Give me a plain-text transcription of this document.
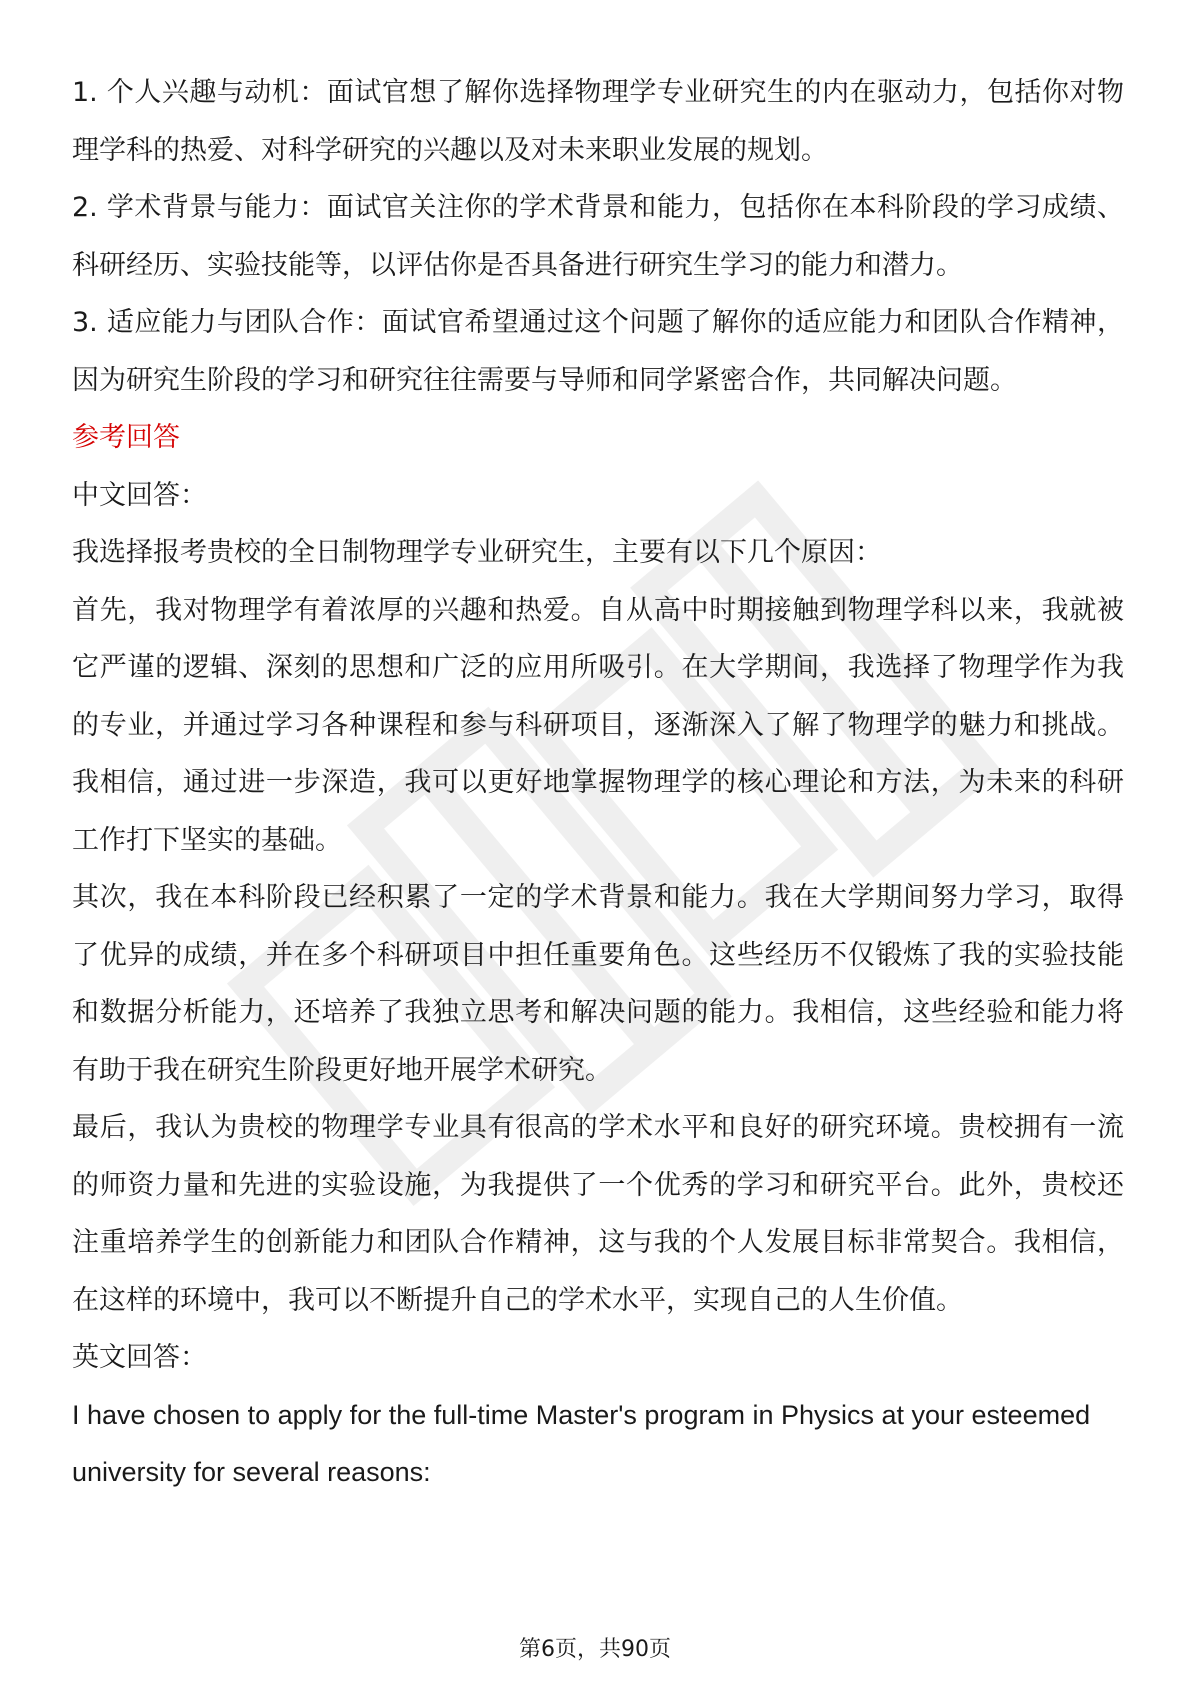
1. 个人兴趣与动机：面试官想了解你选择物理学专业研究生的内在驱动力，包括你对物理学科的热爱、对科学研究的兴趣以及对未来职业发展的规划。

2. 学术背景与能力：面试官关注你的学术背景和能力，包括你在本科阶段的学习成绩、科研经历、实验技能等，以评估你是否具备进行研究生学习的能力和潜力。

3. 适应能力与团队合作：面试官希望通过这个问题了解你的适应能力和团队合作精神，因为研究生阶段的学习和研究往往需要与导师和同学紧密合作，共同解决问题。

参考回答

中文回答：

我选择报考贵校的全日制物理学专业研究生，主要有以下几个原因：

首先，我对物理学有着浓厚的兴趣和热爱。自从高中时期接触到物理学科以来，我就被它严谨的逻辑、深刻的思想和广泛的应用所吸引。在大学期间，我选择了物理学作为我的专业，并通过学习各种课程和参与科研项目，逐渐深入了解了物理学的魅力和挑战。我相信，通过进一步深造，我可以更好地掌握物理学的核心理论和方法，为未来的科研工作打下坚实的基础。

其次，我在本科阶段已经积累了一定的学术背景和能力。我在大学期间努力学习，取得了优异的成绩，并在多个科研项目中担任重要角色。这些经历不仅锻炼了我的实验技能和数据分析能力，还培养了我独立思考和解决问题的能力。我相信，这些经验和能力将有助于我在研究生阶段更好地开展学术研究。

最后，我认为贵校的物理学专业具有很高的学术水平和良好的研究环境。贵校拥有一流的师资力量和先进的实验设施，为我提供了一个优秀的学习和研究平台。此外，贵校还注重培养学生的创新能力和团队合作精神，这与我的个人发展目标非常契合。我相信，在这样的环境中，我可以不断提升自己的学术水平，实现自己的人生价值。

英文回答：

I have chosen to apply for the full-time Master's program in Physics at your esteemed university for several reasons:

第6页，共90页
